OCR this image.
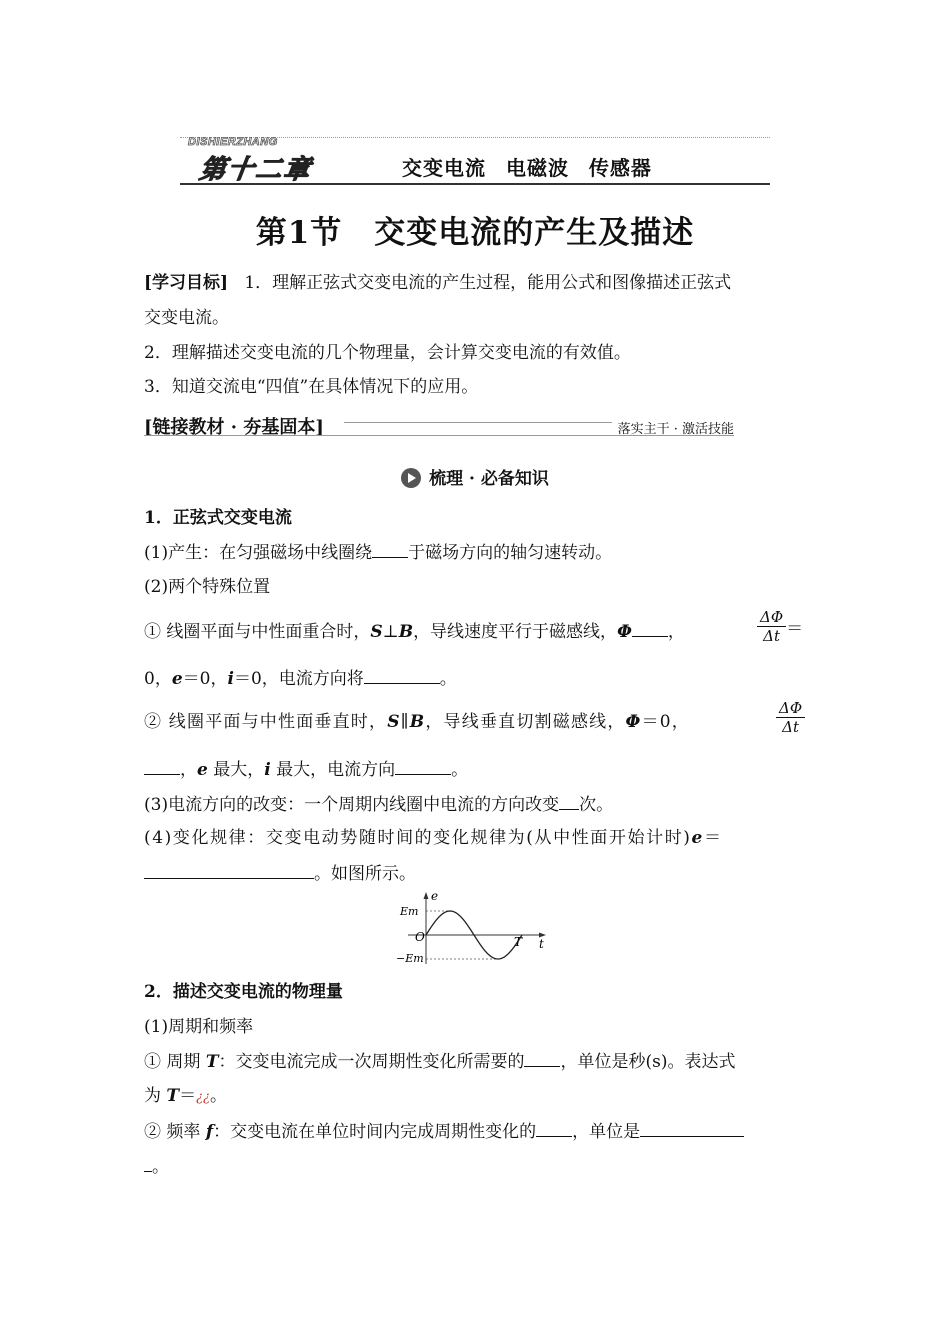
DISHIERZHANG
第十二章	交变电流 电磁波 传感器
第1节　交变电流的产生及描述
[学习目标] 1．理解正弦式交变电流的产生过程，能用公式和图像描述正弦式
交变电流。
2．理解描述交变电流的几个物理量，会计算交变电流的有效值。
3．知道交流电“四值”在具体情况下的应用。
[链接教材 · 夯基固本]	落实主干 · 激活技能
梳理 · 必备知识
1．正弦式交变电流
(1)产生：在匀强磁场中线圈绕 于磁场方向的轴匀速转动。
(2)两个特殊位置
① 线圈平面与中性面重合时，S⊥B，导线速度平行于磁感线，Φ ，	$\frac{\Delta\Phi}{\Delta t}$ ＝
0，e＝0，i＝0，电流方向将	。
② 线圈平面与中性面垂直时，S∥B，导线垂直切割磁感线，Φ＝0，	$\frac{\Delta\Phi}{\Delta t}$
，e 最大，i 最大，电流方向	。
(3)电流方向的改变：一个周期内线圈中电流的方向改变 次。
(4)变化规律：交变电动势随时间的变化规律为(从中性面开始计时)e＝
。如图所示。
Em
−Em
O	T t
e
2．描述交变电流的物理量
(1)周期和频率
① 周期 T：交变电流完成一次周期性变化所需要的 ，单位是秒(s)。表达式
为 T＝¿¿。
② 频率 f：交变电流在单位时间内完成周期性变化的 ，单位是
。
